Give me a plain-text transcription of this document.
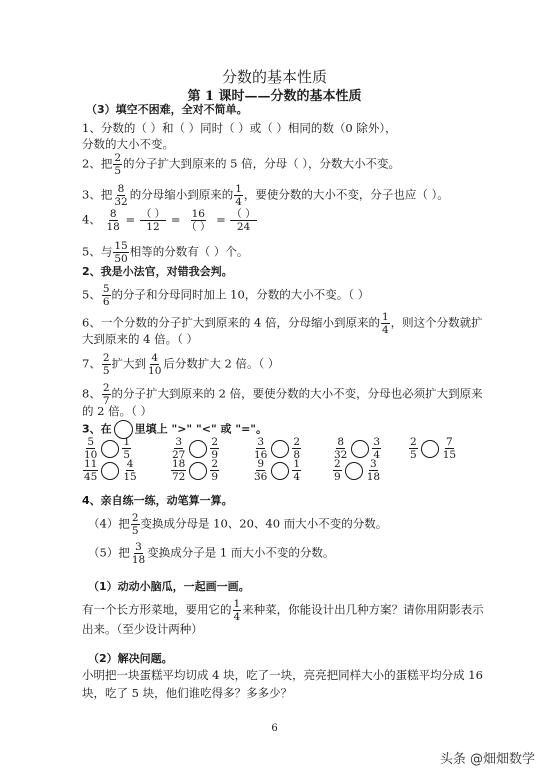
分数的基本性质
第 1 课时——分数的基本性质
（3）填空不困难，全对不简单。
1、分数的（ ）和（ ）同时（ ）或（ ）相同的数（0 除外），
分数的大小不变。
2、把 $\frac{2}{5}$ 的分子扩大到原来的 5 倍，分母（ ），分数大小不变。
3、把 $\frac{8}{32}$ 的分母缩小到原来的 $\frac{1}{4}$ ，要使分数的大小不变，分子也应（ ）。
4、 $\frac{8}{18} = \frac{( )}{12} = \frac{16}{( )} = \frac{( )}{24}$
5、与 $\frac{15}{50}$ 相等的分数有（ ）个。
2、我是小法官，对错我会判。
5、 $\frac{5}{6}$ 的分子和分母同时加上 10，分数的大小不变。（ ）
6、一个分数的分子扩大到原来的 4 倍，分母缩小到原来的 $\frac{1}{4}$ ，则这个分数就扩
大到原来的 4 倍。（ ）
7、 $\frac{2}{5}$ 扩大到 $\frac{4}{10}$ 后分数扩大 2 倍。（ ）
8、 $\frac{2}{7}$ 的分子扩大到原来的 2 倍，要使分数的大小不变，分母也必须扩大到原来
的 2 倍。（ ）
3、在 里填上 ">" "<" 或 "="。
$\frac{5}{10} \frac{1}{5}$	$\frac{3}{27} \frac{2}{9}$	$\frac{3}{16} \frac{2}{8}$	$\frac{8}{32} \frac{3}{4}$	$\frac{2}{5} \frac{7}{15}$
$\frac{11}{45} \frac{4}{15}$	$\frac{18}{72} \frac{2}{9}$	$\frac{9}{36} \frac{1}{4}$	$\frac{2}{9} \frac{3}{18}$
4、亲自练一练，动笔算一算。
（4）把 $\frac{2}{5}$ 变换成分母是 10、20、40 而大小不变的分数。
（5）把 $\frac{3}{18}$ 变换成分子是 1 而大小不变的分数。
（1）动动小脑瓜，一起画一画。
有一个长方形菜地，要用它的 $\frac{1}{4}$ 来种菜，你能设计出几种方案？请你用阴影表示
出来。（至少设计两种）
（2）解决问题。
小明把一块蛋糕平均切成 4 块，吃了一块，亮亮把同样大小的蛋糕平均分成 16
块，吃了 5 块，他们谁吃得多？多多少？
6
头条 @畑畑数学
